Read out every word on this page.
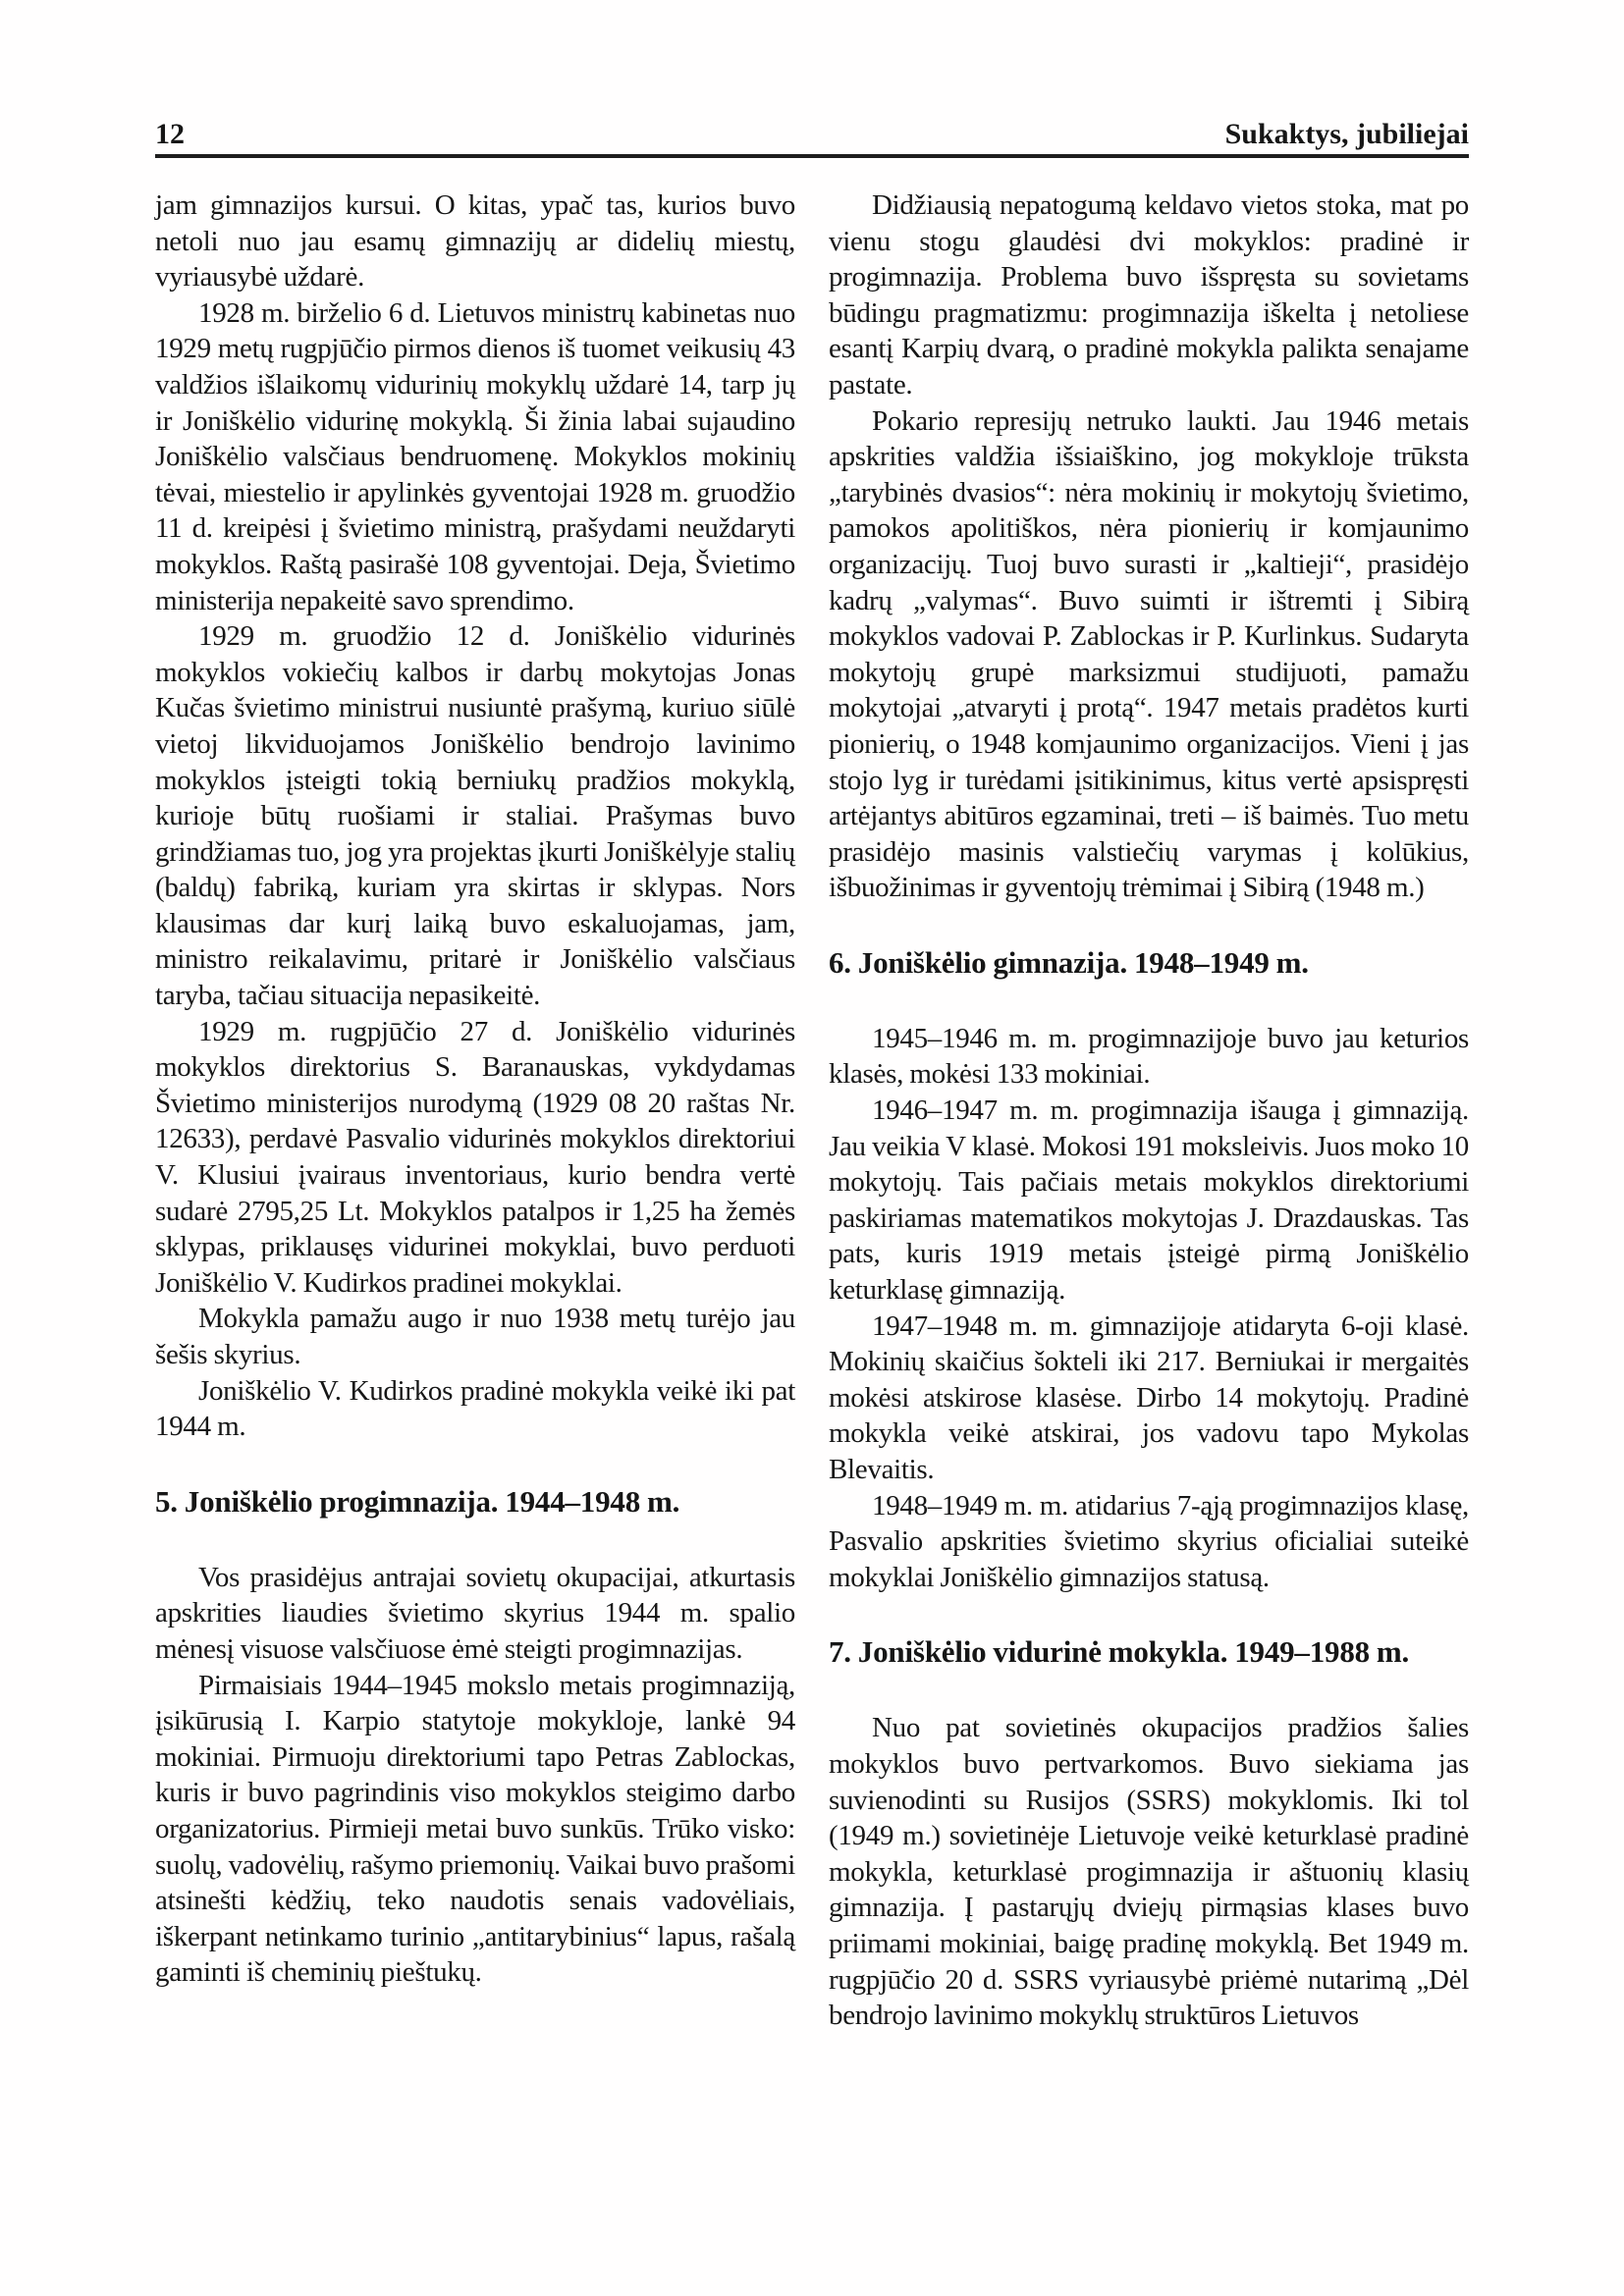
12	Sukaktys, jubiliejai

jam gimnazijos kursui. O kitas, ypač tas, kurios buvo netoli nuo jau esamų gimnazijų ar didelių miestų, vyriausybė uždarė.

1928 m. birželio 6 d. Lietuvos ministrų kabinetas nuo 1929 metų rugpjūčio pirmos dienos iš tuomet veikusių 43 valdžios išlaikomų vidurinių mokyklų uždarė 14, tarp jų ir Joniškėlio vidurinę mokyklą. Ši žinia labai sujaudino Joniškėlio valsčiaus bendruomenę. Mokyklos mokinių tėvai, miestelio ir apylinkės gyventojai 1928 m. gruodžio 11 d. kreipėsi į švietimo ministrą, prašydami neuždaryti mokyklos. Raštą pasirašė 108 gyventojai. Deja, Švietimo ministerija nepakeitė savo sprendimo.

1929 m. gruodžio 12 d. Joniškėlio vidurinės mokyklos vokiečių kalbos ir darbų mokytojas Jonas Kučas švietimo ministrui nusiuntė prašymą, kuriuo siūlė vietoj likviduojamos Joniškėlio bendrojo lavinimo mokyklos įsteigti tokią berniukų pradžios mokyklą, kurioje būtų ruošiami ir staliai. Prašymas buvo grindžiamas tuo, jog yra projektas įkurti Joniškėlyje stalių (baldų) fabriką, kuriam yra skirtas ir sklypas. Nors klausimas dar kurį laiką buvo eskaluojamas, jam, ministro reikalavimu, pritarė ir Joniškėlio valsčiaus taryba, tačiau situacija nepasikeitė.

1929 m. rugpjūčio 27 d. Joniškėlio vidurinės mokyklos direktorius S. Baranauskas, vykdydamas Švietimo ministerijos nurodymą (1929 08 20 raštas Nr. 12633), perdavė Pasvalio vidurinės mokyklos direktoriui V. Klusiui įvairaus inventoriaus, kurio bendra vertė sudarė 2795,25 Lt. Mokyklos patalpos ir 1,25 ha žemės sklypas, priklausęs vidurinei mokyklai, buvo perduoti Joniškėlio V. Kudirkos pradinei mokyklai.

Mokykla pamažu augo ir nuo 1938 metų turėjo jau šešis skyrius.

Joniškėlio V. Kudirkos pradinė mokykla veikė iki pat 1944 m.

5. Joniškėlio progimnazija. 1944–1948 m.

Vos prasidėjus antrajai sovietų okupacijai, atkurtasis apskrities liaudies švietimo skyrius 1944 m. spalio mėnesį visuose valsčiuose ėmė steigti progimnazijas.

Pirmaisiais 1944–1945 mokslo metais progimnaziją, įsikūrusią I. Karpio statytoje mokykloje, lankė 94 mokiniai. Pirmuoju direktoriumi tapo Petras Zablockas, kuris ir buvo pagrindinis viso mokyklos steigimo darbo organizatorius. Pirmieji metai buvo sunkūs. Trūko visko: suolų, vadovėlių, rašymo priemonių. Vaikai buvo prašomi atsinešti kėdžių, teko naudotis senais vadovėliais, iškerpant netinkamo turinio „antitarybinius“ lapus, rašalą gaminti iš cheminių pieštukų.

Didžiausią nepatogumą keldavo vietos stoka, mat po vienu stogu glaudėsi dvi mokyklos: pradinė ir progimnazija. Problema buvo išspręsta su sovietams būdingu pragmatizmu: progimnazija iškelta į netoliese esantį Karpių dvarą, o pradinė mokykla palikta senajame pastate.

Pokario represijų netruko laukti. Jau 1946 metais apskrities valdžia išsiaiškino, jog mokykloje trūksta „tarybinės dvasios“: nėra mokinių ir mokytojų švietimo, pamokos apolitiškos, nėra pionierių ir komjaunimo organizacijų. Tuoj buvo surasti ir „kaltieji“, prasidėjo kadrų „valymas“. Buvo suimti ir ištremti į Sibirą mokyklos vadovai P. Zablockas ir P. Kurlinkus. Sudaryta mokytojų grupė marksizmui studijuoti, pamažu mokytojai „atvaryti į protą“. 1947 metais pradėtos kurti pionierių, o 1948 komjaunimo organizacijos. Vieni į jas stojo lyg ir turėdami įsitikinimus, kitus vertė apsispręsti artėjantys abitūros egzaminai, treti – iš baimės. Tuo metu prasidėjo masinis valstiečių varymas į kolūkius, išbuožinimas ir gyventojų trėmimai į Sibirą (1948 m.)

6. Joniškėlio gimnazija. 1948–1949 m.

1945–1946 m. m. progimnazijoje buvo jau keturios klasės, mokėsi 133 mokiniai.

1946–1947 m. m. progimnazija išauga į gimnaziją. Jau veikia V klasė. Mokosi 191 moksleivis. Juos moko 10 mokytojų. Tais pačiais metais mokyklos direktoriumi paskiriamas matematikos mokytojas J. Drazdauskas. Tas pats, kuris 1919 metais įsteigė pirmą Joniškėlio keturklasę gimnaziją.

1947–1948 m. m. gimnazijoje atidaryta 6-oji klasė. Mokinių skaičius šokteli iki 217. Berniukai ir mergaitės mokėsi atskirose klasėse. Dirbo 14 mokytojų. Pradinė mokykla veikė atskirai, jos vadovu tapo Mykolas Blevaitis.

1948–1949 m. m. atidarius 7-ąją progimnazijos klasę, Pasvalio apskrities švietimo skyrius oficialiai suteikė mokyklai Joniškėlio gimnazijos statusą.

7. Joniškėlio vidurinė mokykla. 1949–1988 m.

Nuo pat sovietinės okupacijos pradžios šalies mokyklos buvo pertvarkomos. Buvo siekiama jas suvienodinti su Rusijos (SSRS) mokyklomis. Iki tol (1949 m.) sovietinėje Lietuvoje veikė keturklasė pradinė mokykla, keturklasė progimnazija ir aštuonių klasių gimnazija. Į pastarųjų dviejų pirmąsias klases buvo priimami mokiniai, baigę pradinę mokyklą. Bet 1949 m. rugpjūčio 20 d. SSRS vyriausybė priėmė nutarimą „Dėl bendrojo lavinimo mokyklų struktūros Lietuvos
